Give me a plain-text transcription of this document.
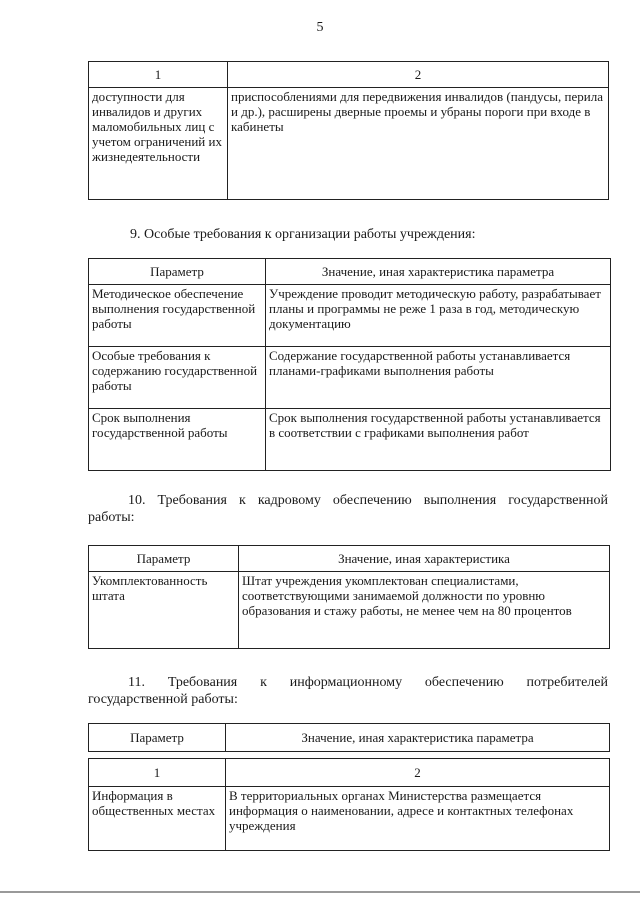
5
1	2
доступности для инвалидов и других маломобильных лиц с учетом ограничений их жизнедеятельности	приспособлениями для передвижения инвалидов (пандусы, перила и др.), расширены дверные проемы и убраны пороги при входе в кабинеты
9. Особые требования к организации работы учреждения:
Параметр	Значение, иная характеристика параметра
Методическое обеспечение выполнения государственной работы	Учреждение проводит методическую работу, разрабатывает планы и программы не реже 1 раза в год, методическую документацию
Особые требования к содержанию государственной работы	Содержание государственной работы устанавливается планами-графиками выполнения работы
Срок выполнения государственной работы	Срок выполнения государственной работы устанавливается в соответствии с графиками выполнения работ
10. Требования к кадровому обеспечению выполнения государственной
работы:
Параметр	Значение, иная характеристика
Укомплектованность штата	Штат учреждения укомплектован специалистами, соответствующими занимаемой должности по уровню образования и стажу работы, не менее чем на 80 процентов
11. Требования к информационному обеспечению потребителей
государственной работы:
Параметр	Значение, иная характеристика параметра
1	2
Информация в общественных местах	В территориальных органах Министерства размещается информация о наименовании, адресе и контактных телефонах учреждения
